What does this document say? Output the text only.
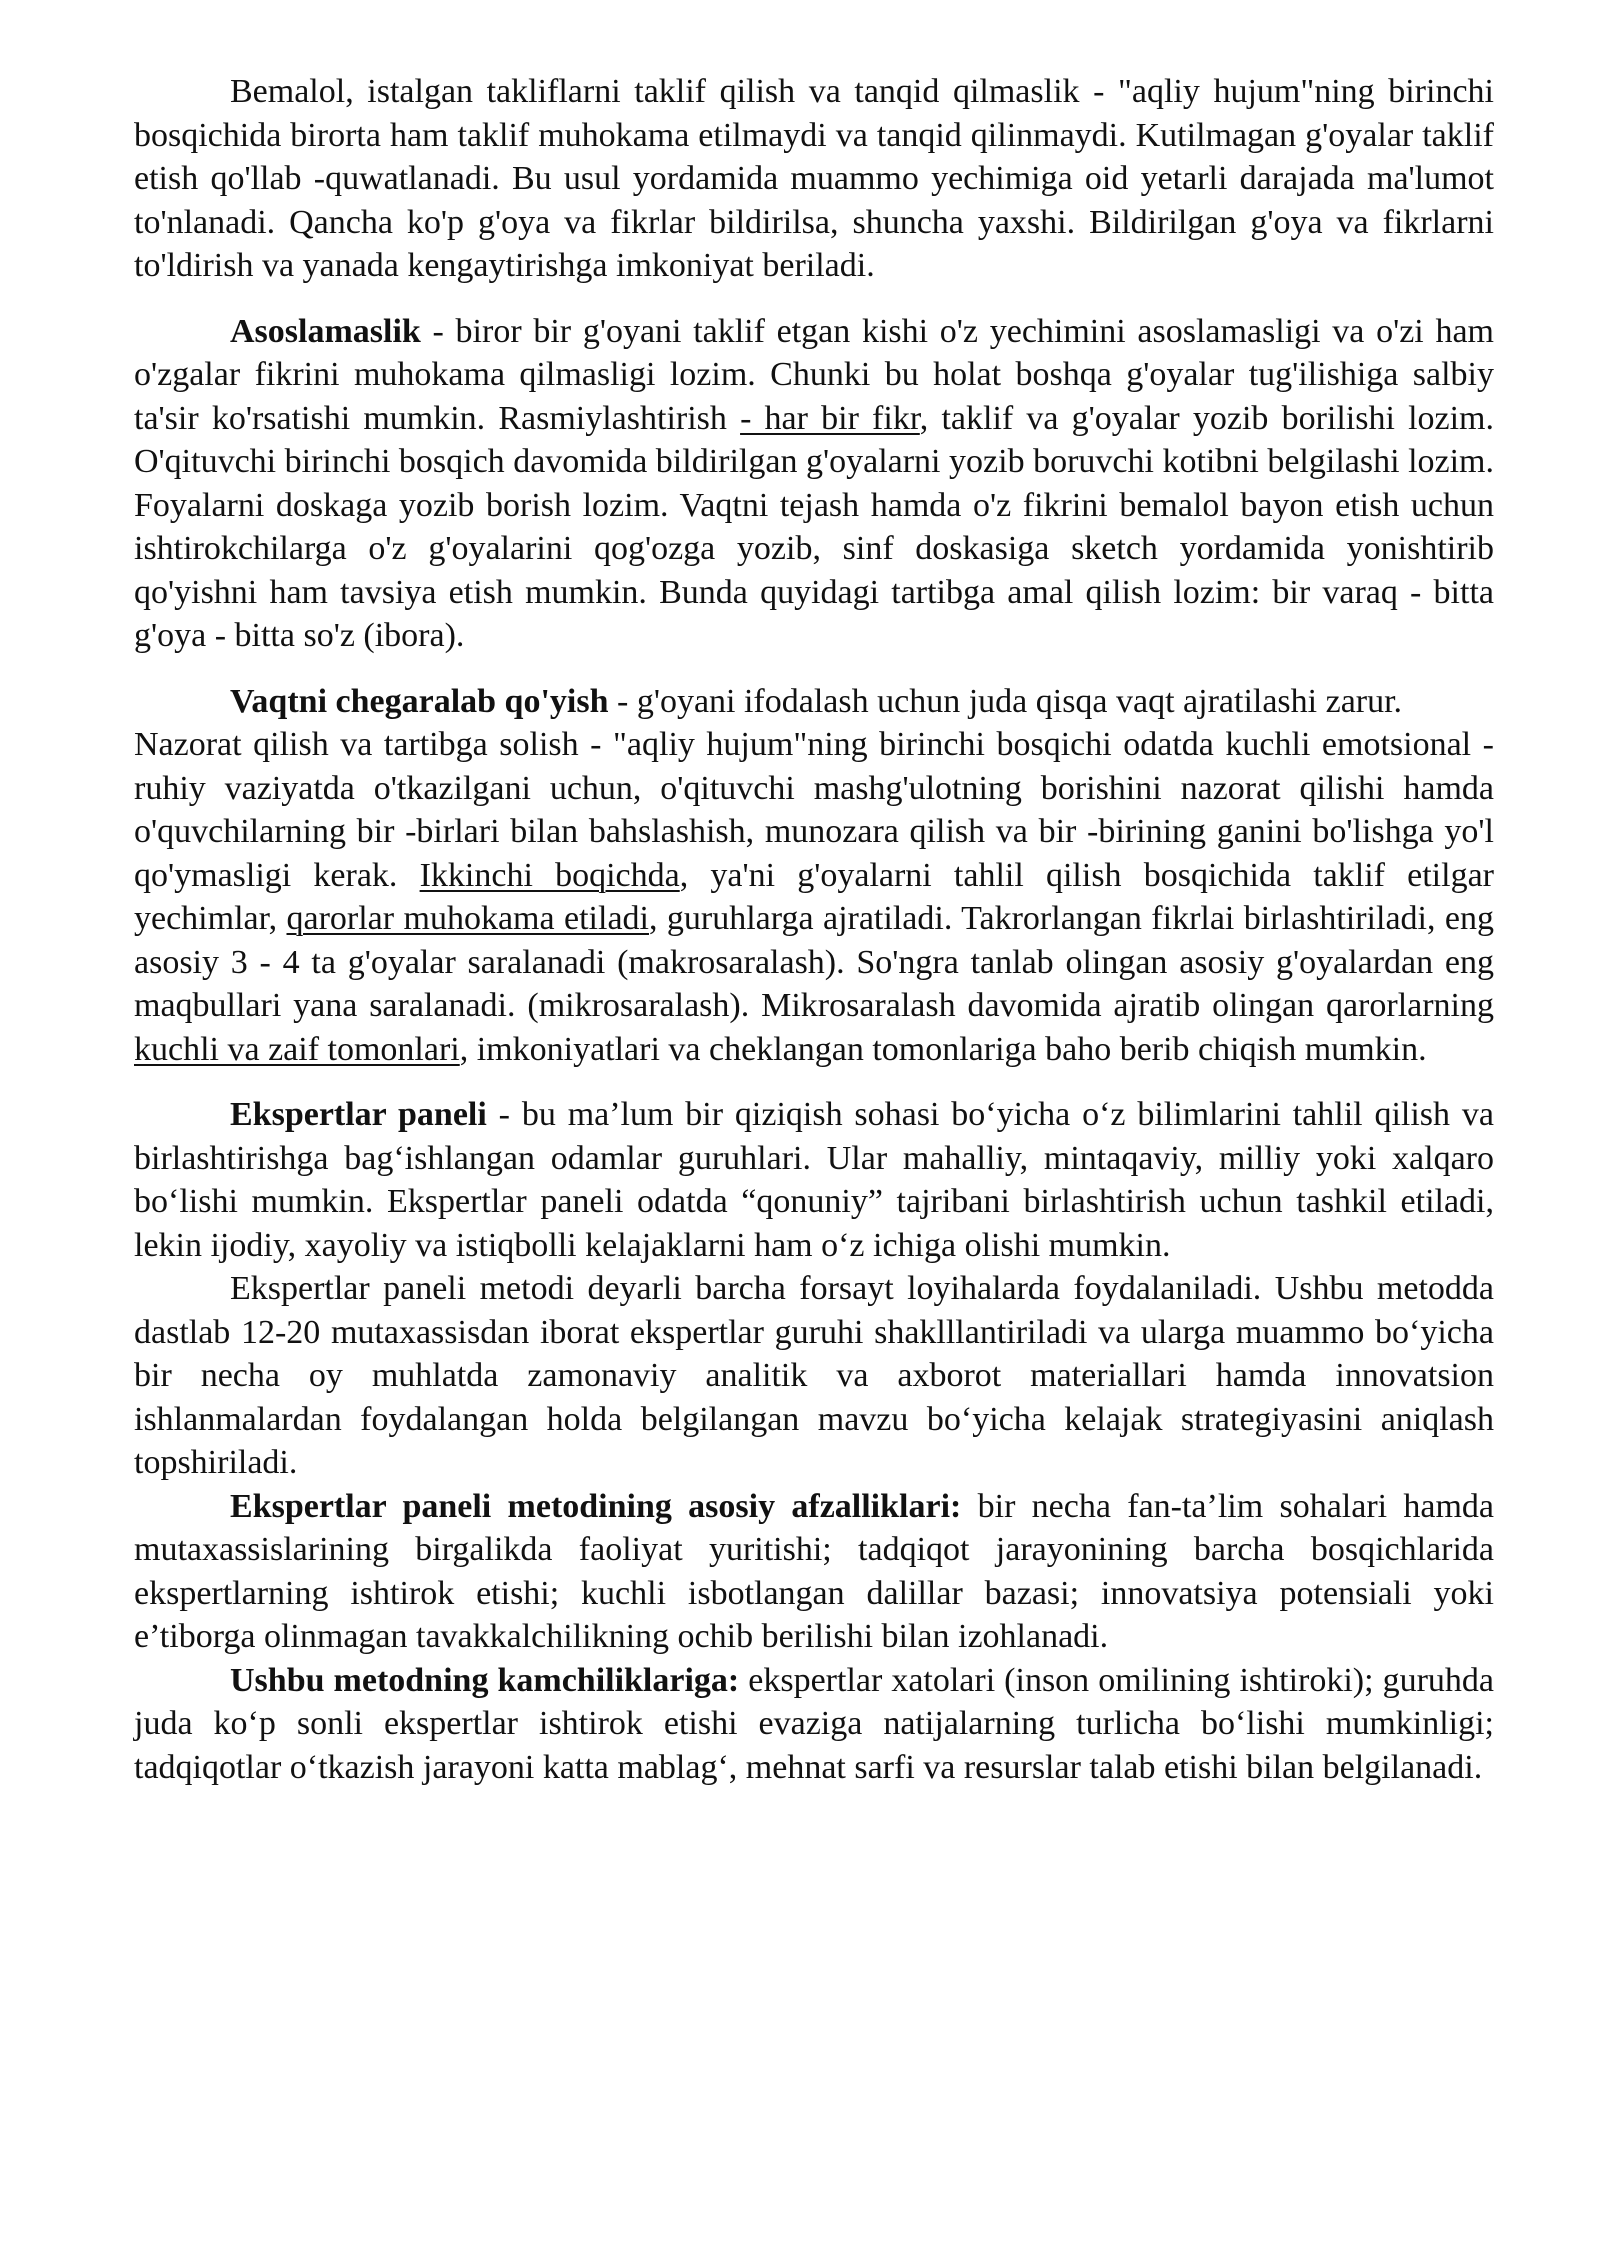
Bemalol, istalgan takliflarni taklif qilish va tanqid qilmaslik - "aqliy hujum"ning birinchi bosqichida birorta ham taklif muhokama etilmaydi va tanqid qilinmaydi. Kutilmagan g'oyalar taklif etish qo'llab -quwatlanadi. Bu usul yordamida muammo yechimiga oid yetarli darajada ma'lumot to'nlanadi. Qancha ko'p g'oya va fikrlar bildirilsa, shuncha yaxshi. Bildirilgan g'oya va fikrlarni to'ldirish va yanada kengaytirishga imkoniyat beriladi.

Asoslamaslik - biror bir g'oyani taklif etgan kishi o'z yechimini asoslamasligi va o'zi ham o'zgalar fikrini muhokama qilmasligi lozim. Chunki bu holat boshqa g'oyalar tug'ilishiga salbiy ta'sir ko'rsatishi mumkin. Rasmiylashtirish - har bir fikr, taklif va g'oyalar yozib borilishi lozim. O'qituvchi birinchi bosqich davomida bildirilgan g'oyalarni yozib boruvchi kotibni belgilashi lozim. Foyalarni doskaga yozib borish lozim. Vaqtni tejash hamda o'z fikrini bemalol bayon etish uchun ishtirokchilarga o'z g'oyalarini qog'ozga yozib, sinf doskasiga sketch yordamida yonishtirib qo'yishni ham tavsiya etish mumkin. Bunda quyidagi tartibga amal qilish lozim: bir varaq - bitta g'oya - bitta so'z (ibora).

Vaqtni chegaralab qo'yish - g'oyani ifodalash uchun juda qisqa vaqt ajratilashi zarur.

Nazorat qilish va tartibga solish - "aqliy hujum"ning birinchi bosqichi odatda kuchli emotsional - ruhiy vaziyatda o'tkazilgani uchun, o'qituvchi mashg'ulotning borishini nazorat qilishi hamda o'quvchilarning bir -birlari bilan bahslashish, munozara qilish va bir -birining ganini bo'lishga yo'l qo'ymasligi kerak. Ikkinchi boqichda, ya'ni g'oyalarni tahlil qilish bosqichida taklif etilgar yechimlar, qarorlar muhokama etiladi, guruhlarga ajratiladi. Takrorlangan fikrlai birlashtiriladi, eng asosiy 3 - 4 ta g'oyalar saralanadi (makrosaralash). So'ngra tanlab olingan asosiy g'oyalardan eng maqbullari yana saralanadi. (mikrosaralash). Mikrosaralash davomida ajratib olingan qarorlarning kuchli va zaif tomonlari, imkoniyatlari va cheklangan tomonlariga baho berib chiqish mumkin.

Ekspertlar paneli - bu ma’lum bir qiziqish sohasi bo‘yicha o‘z bilimlarini tahlil qilish va birlashtirishga bag‘ishlangan odamlar guruhlari. Ular mahalliy, mintaqaviy, milliy yoki xalqaro bo‘lishi mumkin. Ekspertlar paneli odatda “qonuniy” tajribani birlashtirish uchun tashkil etiladi, lekin ijodiy, xayoliy va istiqbolli kelajaklarni ham o‘z ichiga olishi mumkin.

Ekspertlar paneli metodi deyarli barcha forsayt loyihalarda foydalaniladi. Ushbu metodda dastlab 12-20 mutaxassisdan iborat ekspertlar guruhi shaklllantiriladi va ularga muammo bo‘yicha bir necha oy muhlatda zamonaviy analitik va axborot materiallari hamda innovatsion ishlanmalardan foydalangan holda belgilangan mavzu bo‘yicha kelajak strategiyasini aniqlash topshiriladi.

Ekspertlar paneli metodining asosiy afzalliklari: bir necha fan-ta’lim sohalari hamda mutaxassislarining birgalikda faoliyat yuritishi; tadqiqot jarayonining barcha bosqichlarida ekspertlarning ishtirok etishi; kuchli isbotlangan dalillar bazasi; innovatsiya potensiali yoki e’tiborga olinmagan tavakkalchilikning ochib berilishi bilan izohlanadi.

Ushbu metodning kamchiliklariga: ekspertlar xatolari (inson omilining ishtiroki); guruhda juda ko‘p sonli ekspertlar ishtirok etishi evaziga natijalarning turlicha bo‘lishi mumkinligi; tadqiqotlar o‘tkazish jarayoni katta mablag‘, mehnat sarfi va resurslar talab etishi bilan belgilanadi.
